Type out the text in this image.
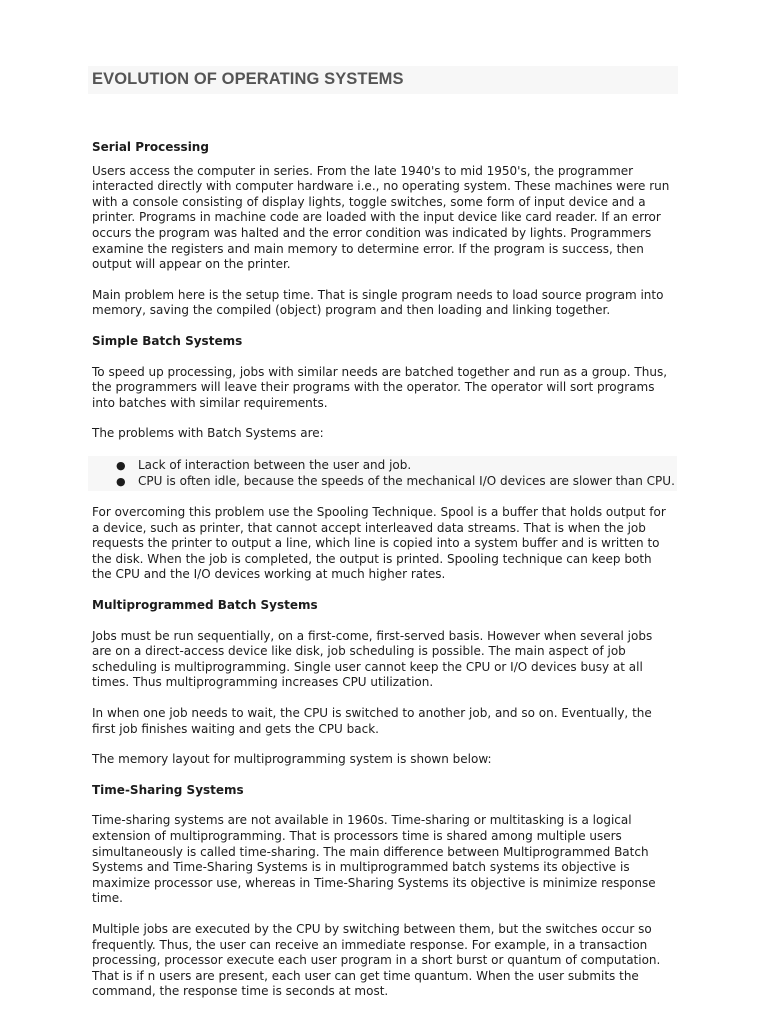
EVOLUTION OF OPERATING SYSTEMS
Serial Processing

Users access the computer in series. From the late 1940's to mid 1950's, the programmer interacted directly with computer hardware i.e., no operating system. These machines were run with a console consisting of display lights, toggle switches, some form of input device and a printer. Programs in machine code are loaded with the input device like card reader. If an error occurs the program was halted and the error condition was indicated by lights. Programmers examine the registers and main memory to determine error. If the program is success, then output will appear on the printer.

Main problem here is the setup time. That is single program needs to load source program into memory, saving the compiled (object) program and then loading and linking together.

Simple Batch Systems

To speed up processing, jobs with similar needs are batched together and run as a group. Thus, the programmers will leave their programs with the operator. The operator will sort programs into batches with similar requirements.

The problems with Batch Systems are:

● Lack of interaction between the user and job.
● CPU is often idle, because the speeds of the mechanical I/O devices are slower than CPU.

For overcoming this problem use the Spooling Technique. Spool is a buffer that holds output for a device, such as printer, that cannot accept interleaved data streams. That is when the job requests the printer to output a line, which line is copied into a system buffer and is written to the disk. When the job is completed, the output is printed. Spooling technique can keep both the CPU and the I/O devices working at much higher rates.

Multiprogrammed Batch Systems

Jobs must be run sequentially, on a first-come, first-served basis. However when several jobs are on a direct-access device like disk, job scheduling is possible. The main aspect of job scheduling is multiprogramming. Single user cannot keep the CPU or I/O devices busy at all times. Thus multiprogramming increases CPU utilization.

In when one job needs to wait, the CPU is switched to another job, and so on. Eventually, the first job finishes waiting and gets the CPU back.

The memory layout for multiprogramming system is shown below:

Time-Sharing Systems

Time-sharing systems are not available in 1960s. Time-sharing or multitasking is a logical extension of multiprogramming. That is processors time is shared among multiple users simultaneously is called time-sharing. The main difference between Multiprogrammed Batch Systems and Time-Sharing Systems is in multiprogrammed batch systems its objective is maximize processor use, whereas in Time-Sharing Systems its objective is minimize response time.

Multiple jobs are executed by the CPU by switching between them, but the switches occur so frequently. Thus, the user can receive an immediate response. For example, in a transaction processing, processor execute each user program in a short burst or quantum of computation. That is if n users are present, each user can get time quantum. When the user submits the command, the response time is seconds at most.
